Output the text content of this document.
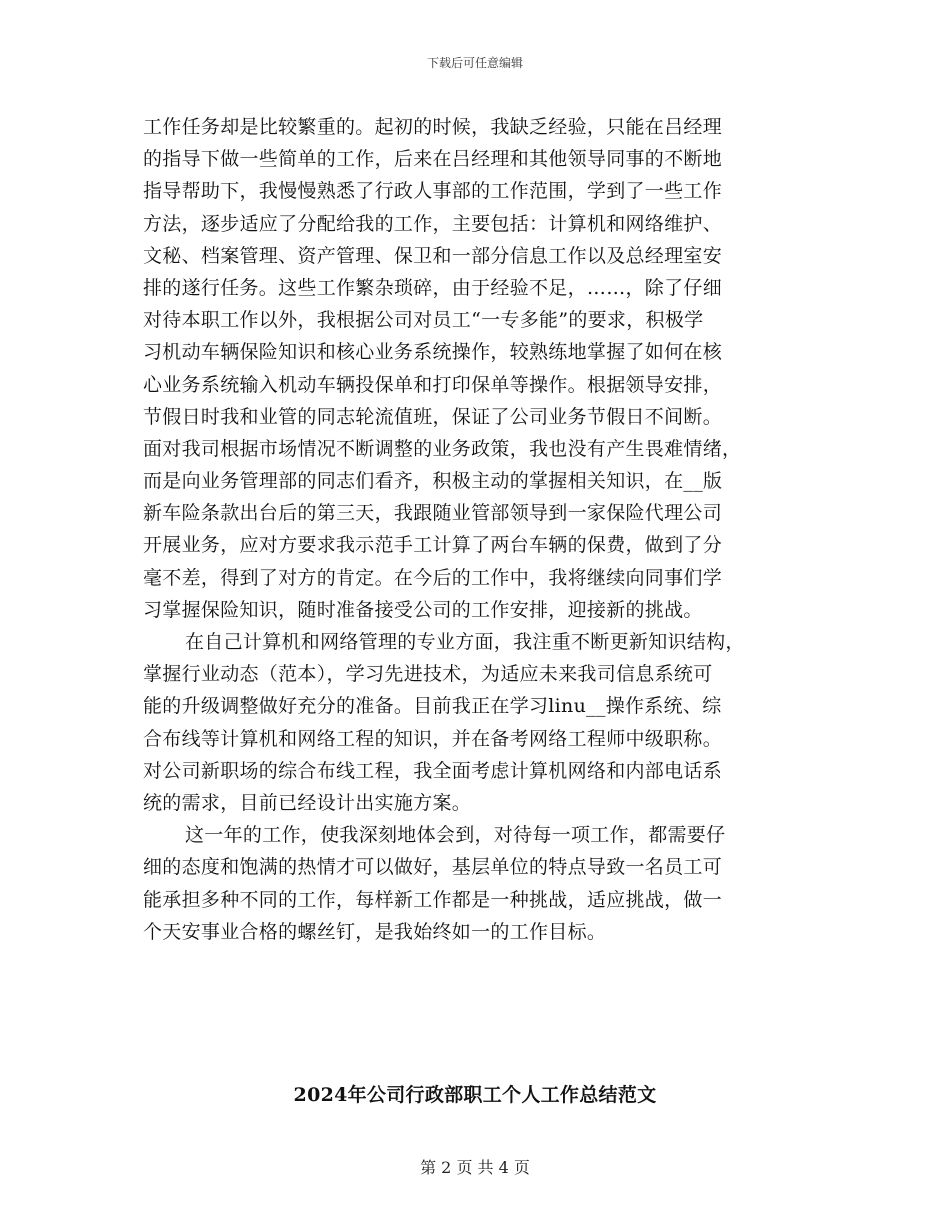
下载后可任意编辑
工作任务却是比较繁重的。起初的时候，我缺乏经验，只能在吕经理
的指导下做一些简单的工作，后来在吕经理和其他领导同事的不断地
指导帮助下，我慢慢熟悉了行政人事部的工作范围，学到了一些工作
方法，逐步适应了分配给我的工作，主要包括：计算机和网络维护、
文秘、档案管理、资产管理、保卫和一部分信息工作以及总经理室安
排的遂行任务。这些工作繁杂琐碎，由于经验不足，……，除了仔细
对待本职工作以外，我根据公司对员工“一专多能”的要求，积极学
习机动车辆保险知识和核心业务系统操作，较熟练地掌握了如何在核
心业务系统输入机动车辆投保单和打印保单等操作。根据领导安排，
节假日时我和业管的同志轮流值班，保证了公司业务节假日不间断。
面对我司根据市场情况不断调整的业务政策，我也没有产生畏难情绪，
而是向业务管理部的同志们看齐，积极主动的掌握相关知识，在__版
新车险条款出台后的第三天，我跟随业管部领导到一家保险代理公司
开展业务，应对方要求我示范手工计算了两台车辆的保费，做到了分
毫不差，得到了对方的肯定。在今后的工作中，我将继续向同事们学
习掌握保险知识，随时准备接受公司的工作安排，迎接新的挑战。
在自己计算机和网络管理的专业方面，我注重不断更新知识结构，
掌握行业动态（范本），学习先进技术，为适应未来我司信息系统可
能的升级调整做好充分的准备。目前我正在学习linu__操作系统、综
合布线等计算机和网络工程的知识，并在备考网络工程师中级职称。
对公司新职场的综合布线工程，我全面考虑计算机网络和内部电话系
统的需求，目前已经设计出实施方案。
这一年的工作，使我深刻地体会到，对待每一项工作，都需要仔
细的态度和饱满的热情才可以做好，基层单位的特点导致一名员工可
能承担多种不同的工作，每样新工作都是一种挑战，适应挑战，做一
个天安事业合格的螺丝钉，是我始终如一的工作目标。
2024年公司行政部职工个人工作总结范文
第 2 页 共 4 页
